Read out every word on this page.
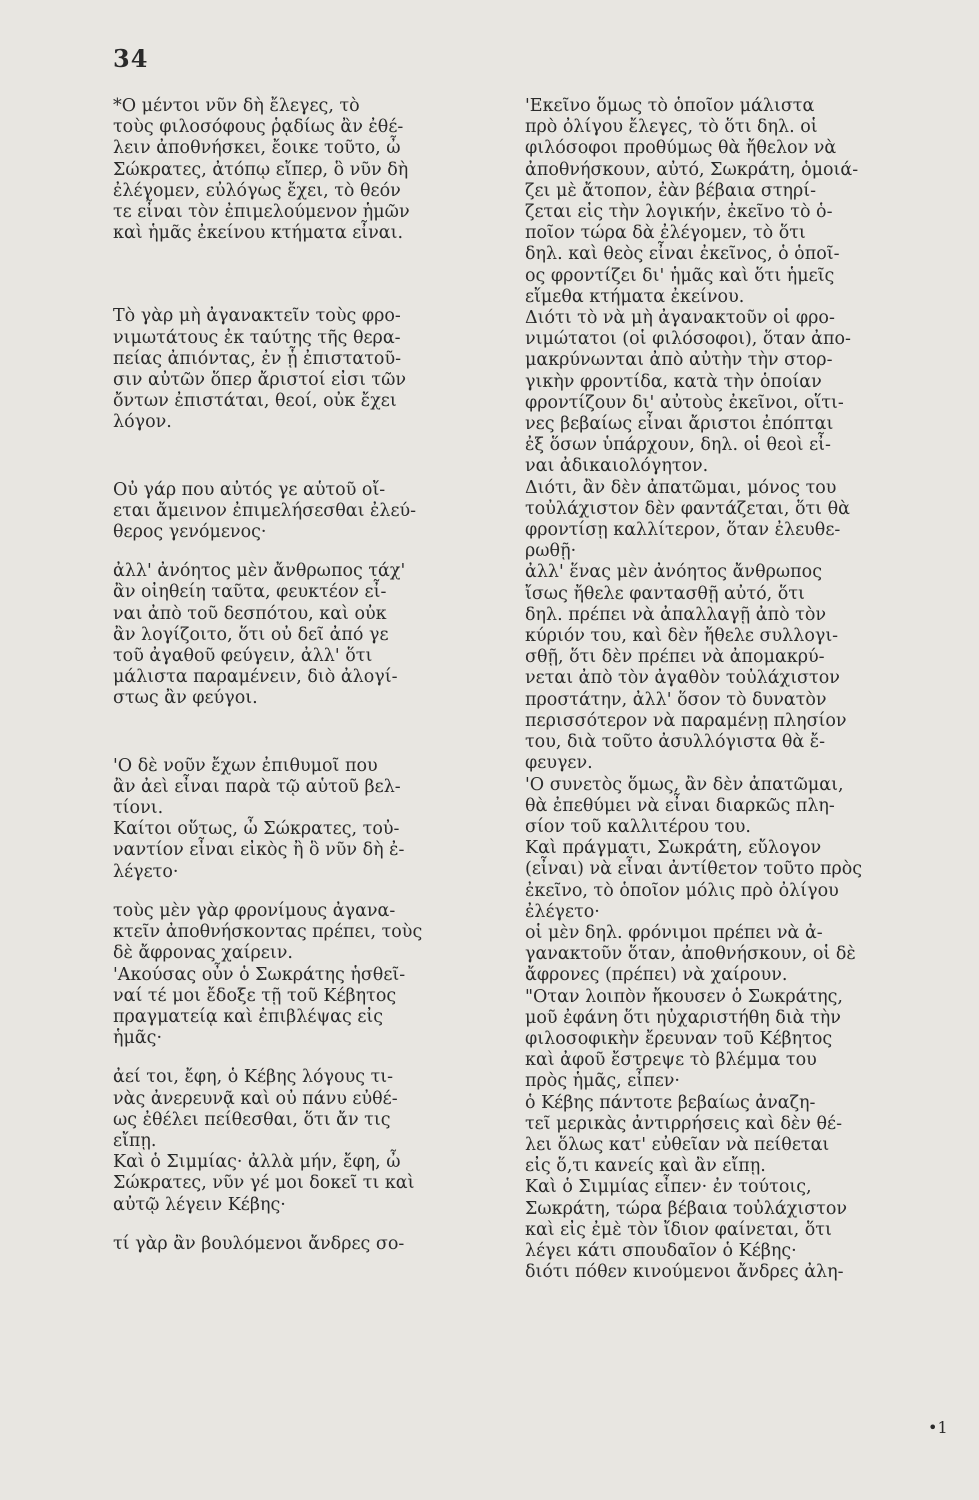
34
*Ο μέντοι νῦν δὴ ἔλεγες, τὸ
τοὺς φιλοσόφους ῥᾳδίως ἂν ἐθέ-
λειν ἀποθνήσκει, ἔοικε τοῦτο, ὦ
Σώκρατες, ἀτόπῳ εἴπερ, ὃ νῦν δὴ
ἐλέγομεν, εὐλόγως ἔχει, τὸ θεόν
τε εἶναι τὸν ἐπιμελούμενον ἡμῶν
καὶ ἡμᾶς ἐκείνου κτήματα εἶναι.
Τὸ γὰρ μὴ ἀγανακτεῖν τοὺς φρο-
νιμωτάτους ἐκ ταύτης τῆς θερα-
πείας ἀπιόντας, ἐν ᾗ ἐπιστατοῦ-
σιν αὐτῶν ὅπερ ἄριστοί εἰσι τῶν
ὄντων ἐπιστάται, θεοί, οὐκ ἔχει
λόγον.
Οὐ γάρ που αὐτός γε αὑτοῦ οἴ-
εται ἄμεινον ἐπιμελήσεσθαι ἐλεύ-
θερος γενόμενος·
ἀλλ' ἀνόητος μὲν ἄνθρωπος τάχ'
ἂν οἰηθείη ταῦτα, φευκτέον εἶ-
ναι ἀπὸ τοῦ δεσπότου, καὶ οὐκ
ἂν λογίζοιτο, ὅτι οὐ δεῖ ἀπό γε
τοῦ ἀγαθοῦ φεύγειν, ἀλλ' ὅτι
μάλιστα παραμένειν, διὸ ἀλογί-
στως ἂν φεύγοι.
'Ο δὲ νοῦν ἔχων ἐπιθυμοῖ που
ἂν ἀεὶ εἶναι παρὰ τῷ αὑτοῦ βελ-
τίονι.
Καίτοι οὕτως, ὦ Σώκρατες, τοὐ-
ναντίον εἶναι εἰκὸς ἢ ὃ νῦν δὴ ἐ-
λέγετο·
τοὺς μὲν γὰρ φρονίμους ἀγανα-
κτεῖν ἀποθνήσκοντας πρέπει, τοὺς
δὲ ἄφρονας χαίρειν.
'Ακούσας οὖν ὁ Σωκράτης ἡσθεῖ-
ναί τέ μοι ἔδοξε τῇ τοῦ Κέβητος
πραγματείᾳ καὶ ἐπιβλέψας εἰς
ἡμᾶς·
ἀεί τοι, ἔφη, ὁ Κέβης λόγους τι-
νὰς ἀνερευνᾷ καὶ οὐ πάνυ εὐθέ-
ως ἐθέλει πείθεσθαι, ὅτι ἄν τις
εἴπῃ.
Καὶ ὁ Σιμμίας· ἀλλὰ μήν, ἔφη, ὦ
Σώκρατες, νῦν γέ μοι δοκεῖ τι καὶ
αὐτῷ λέγειν Κέβης·
τί γὰρ ἂν βουλόμενοι ἄνδρες σο-
'Εκεῖνο ὅμως τὸ ὁποῖον μάλιστα
πρὸ ὀλίγου ἔλεγες, τὸ ὅτι δηλ. οἱ
φιλόσοφοι προθύμως θὰ ἤθελον νὰ
ἀποθνήσκουν, αὐτό, Σωκράτη, ὁμοιά-
ζει μὲ ἄτοπον, ἐὰν βέβαια στηρί-
ζεται εἰς τὴν λογικήν, ἐκεῖνο τὸ ὁ-
ποῖον τώρα δὰ ἐλέγομεν, τὸ ὅτι
δηλ. καὶ θεὸς εἶναι ἐκεῖνος, ὁ ὁποῖ-
ος φροντίζει δι' ἡμᾶς καὶ ὅτι ἡμεῖς
εἴμεθα κτήματα ἐκείνου.
Διότι τὸ νὰ μὴ ἀγανακτοῦν οἱ φρο-
νιμώτατοι (οἱ φιλόσοφοι), ὅταν ἀπο-
μακρύνωνται ἀπὸ αὐτὴν τὴν στορ-
γικὴν φροντίδα, κατὰ τὴν ὁποίαν
φροντίζουν δι' αὐτοὺς ἐκεῖνοι, οἵτι-
νες βεβαίως εἶναι ἄριστοι ἐπόπται
ἐξ ὅσων ὑπάρχουν, δηλ. οἱ θεοὶ εἶ-
ναι ἀδικαιολόγητον.
Διότι, ἂν δὲν ἀπατῶμαι, μόνος του
τοὐλάχιστον δὲν φαντάζεται, ὅτι θὰ
φροντίσῃ καλλίτερον, ὅταν ἐλευθε-
ρωθῇ·
ἀλλ' ἕνας μὲν ἀνόητος ἄνθρωπος
ἴσως ἤθελε φαντασθῇ αὐτό, ὅτι
δηλ. πρέπει νὰ ἀπαλλαγῇ ἀπὸ τὸν
κύριόν του, καὶ δὲν ἤθελε συλλογι-
σθῇ, ὅτι δὲν πρέπει νὰ ἀπομακρύ-
νεται ἀπὸ τὸν ἀγαθὸν τοὐλάχιστον
προστάτην, ἀλλ' ὅσον τὸ δυνατὸν
περισσότερον νὰ παραμένῃ πλησίον
του, διὰ τοῦτο ἀσυλλόγιστα θὰ ἔ-
φευγεν.
'Ο συνετὸς ὅμως, ἂν δὲν ἀπατῶμαι,
θὰ ἐπεθύμει νὰ εἶναι διαρκῶς πλη-
σίον τοῦ καλλιτέρου του.
Καὶ πράγματι, Σωκράτη, εὔλογον
(εἶναι) νὰ εἶναι ἀντίθετον τοῦτο πρὸς
ἐκεῖνο, τὸ ὁποῖον μόλις πρὸ ὀλίγου
ἐλέγετο·
οἱ μὲν δηλ. φρόνιμοι πρέπει νὰ ἀ-
γανακτοῦν ὅταν, ἀποθνήσκουν, οἱ δὲ
ἄφρονες (πρέπει) νὰ χαίρουν.
"Οταν λοιπὸν ἤκουσεν ὁ Σωκράτης,
μοῦ ἐφάνη ὅτι ηὐχαριστήθη διὰ τὴν
φιλοσοφικὴν ἔρευναν τοῦ Κέβητος
καὶ ἀφοῦ ἔστρεψε τὸ βλέμμα του
πρὸς ἡμᾶς, εἶπεν·
ὁ Κέβης πάντοτε βεβαίως ἀναζη-
τεῖ μερικὰς ἀντιρρήσεις καὶ δὲν θέ-
λει ὅλως κατ' εὐθεῖαν νὰ πείθεται
εἰς ὅ,τι κανείς καὶ ἂν εἴπῃ.
Καὶ ὁ Σιμμίας εἶπεν· ἐν τούτοις,
Σωκράτη, τώρα βέβαια τοὐλάχιστον
καὶ εἰς ἐμὲ τὸν ἴδιον φαίνεται, ὅτι
λέγει κάτι σπουδαῖον ὁ Κέβης·
διότι πόθεν κινούμενοι ἄνδρες ἀλη-
•1
